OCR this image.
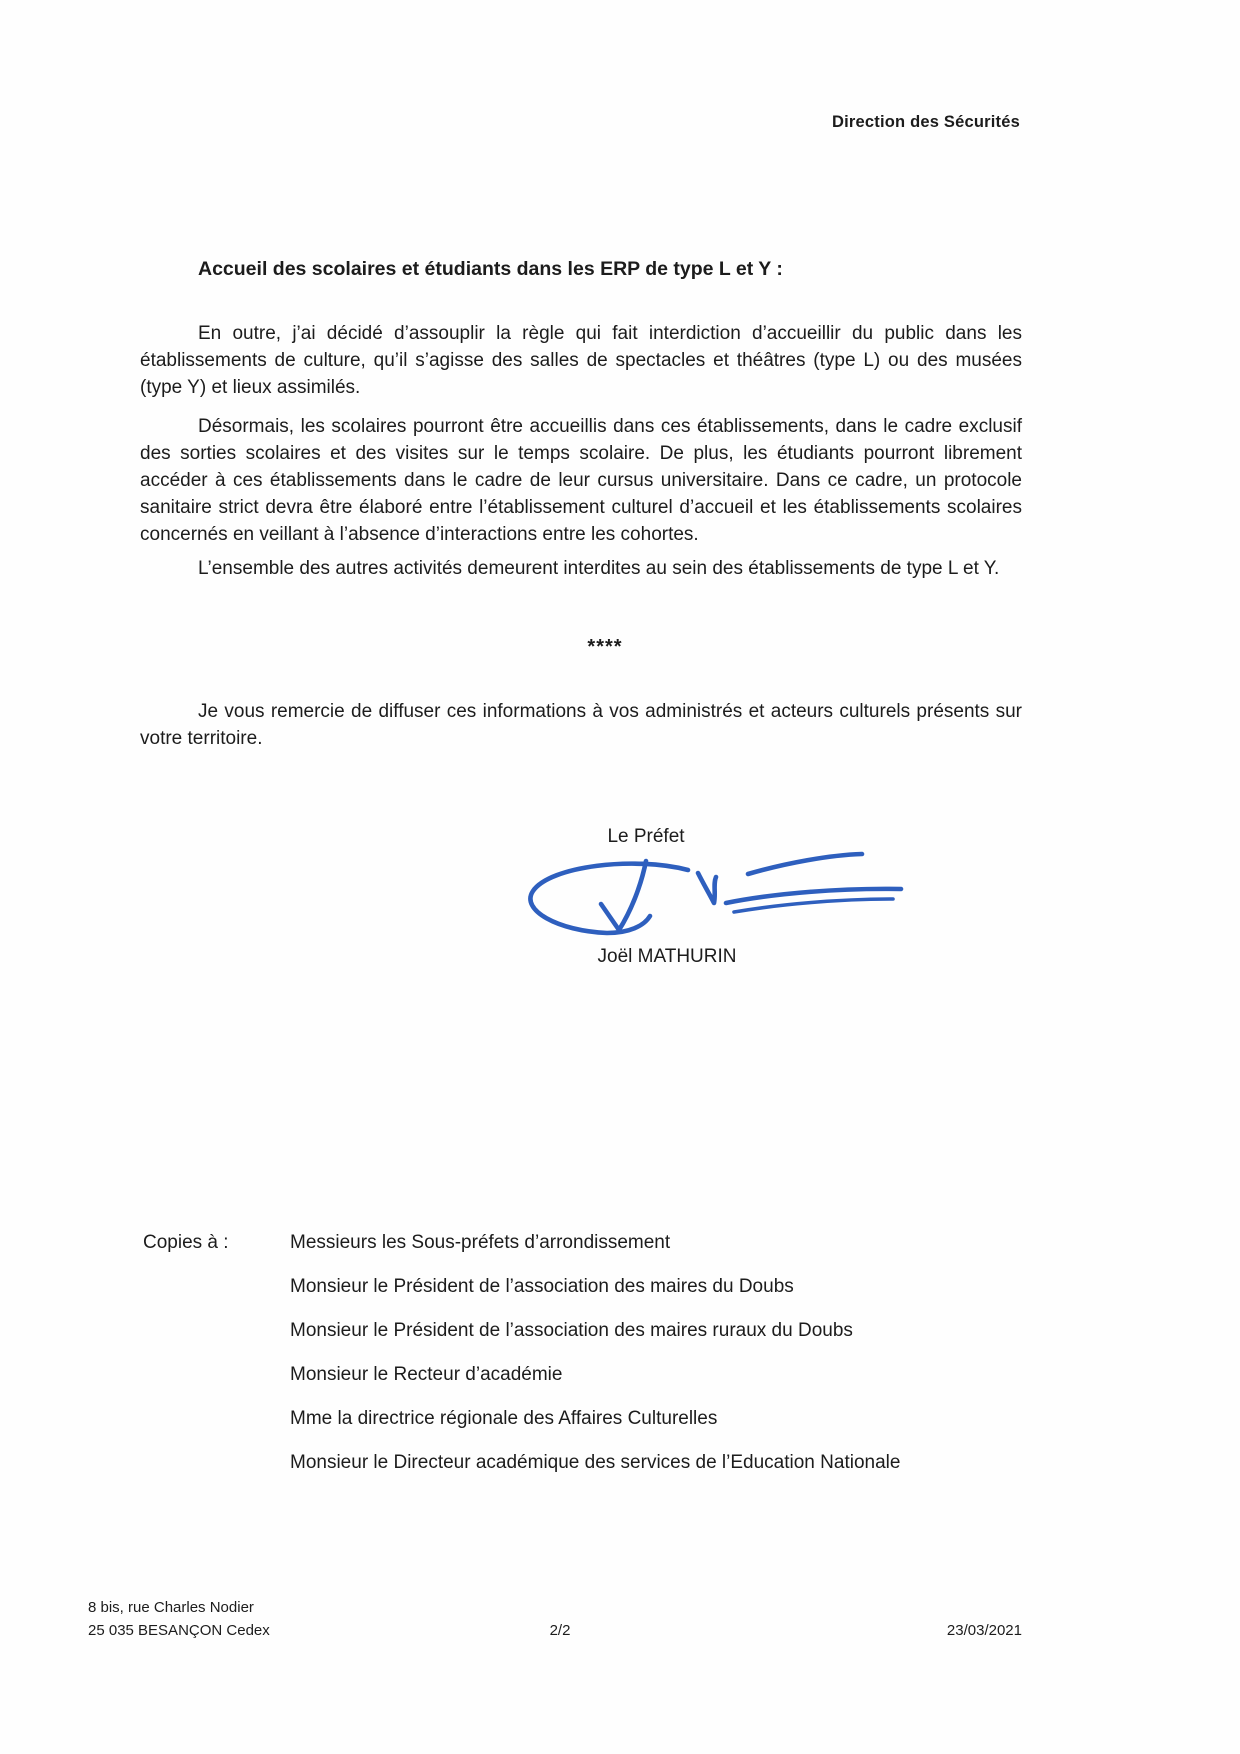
Direction des Sécurités
Accueil des scolaires et étudiants dans les ERP de type L et Y :

En outre, j’ai décidé d’assouplir la règle qui fait interdiction d’accueillir du public dans les établissements de culture, qu’il s’agisse des salles de spectacles et théâtres (type L) ou des musées (type Y) et lieux assimilés.

Désormais, les scolaires pourront être accueillis dans ces établissements, dans le cadre exclusif des sorties scolaires et des visites sur le temps scolaire. De plus, les étudiants pourront librement accéder à ces établissements dans le cadre de leur cursus universitaire. Dans ce cadre, un protocole sanitaire strict devra être élaboré entre l’établissement culturel d’accueil et les établissements scolaires concernés en veillant à l’absence d’interactions entre les cohortes.

L’ensemble des autres activités demeurent interdites au sein des établissements de type L et Y.

****

Je vous remercie de diffuser ces informations à vos administrés et acteurs culturels présents sur votre territoire.

Le Préfet
Joël MATHURIN
Copies à :	Messieurs les Sous-préfets d’arrondissement
Monsieur le Président de l’association des maires du Doubs
Monsieur le Président de l’association des maires ruraux du Doubs
Monsieur le Recteur d’académie
Mme la directrice régionale des Affaires Culturelles
Monsieur le Directeur académique des services de l’Education Nationale
8 bis, rue Charles Nodier
25 035 BESANÇON Cedex	2/2	23/03/2021
